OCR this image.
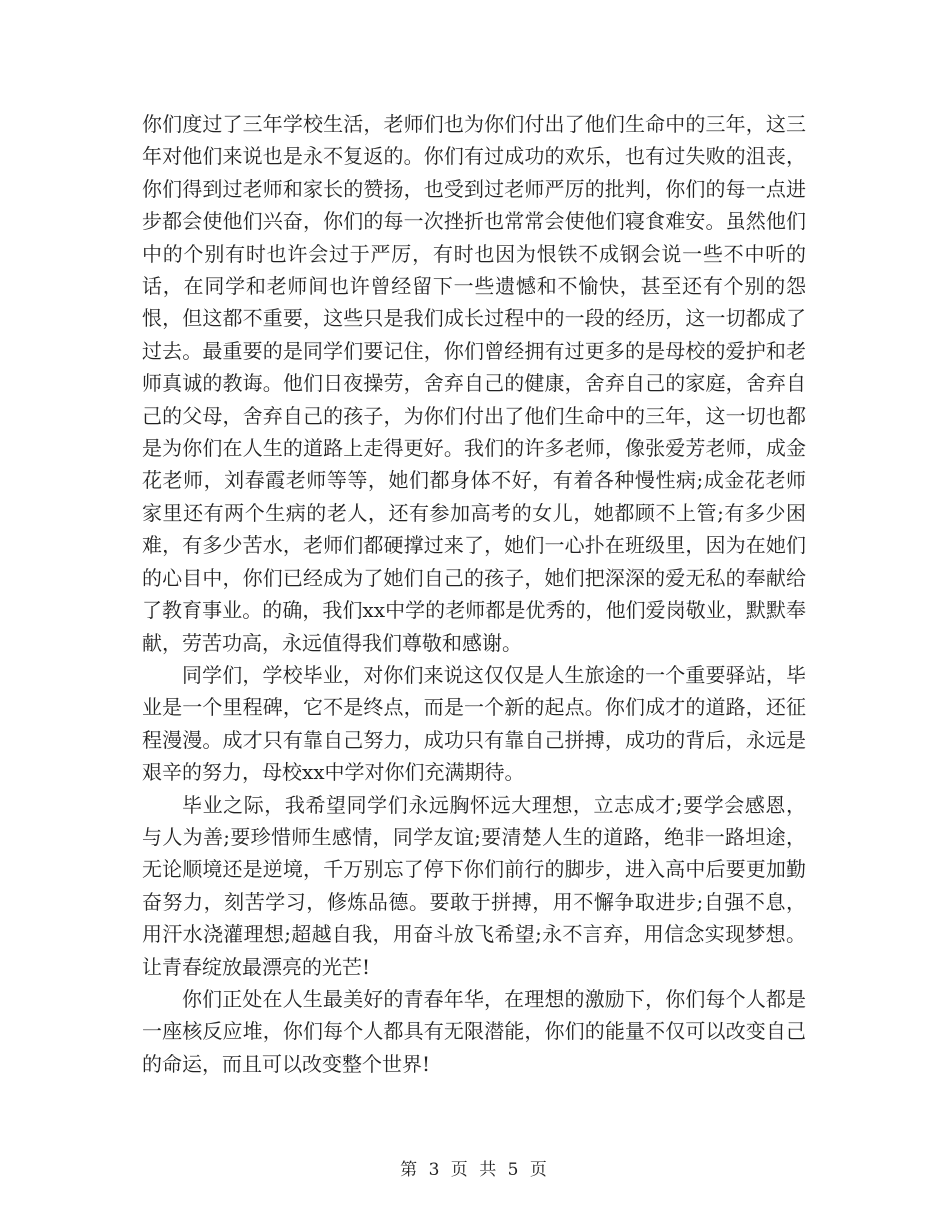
你们度过了三年学校生活，老师们也为你们付出了他们生命中的三年，这三年对他们来说也是永不复返的。你们有过成功的欢乐，也有过失败的沮丧，你们得到过老师和家长的赞扬，也受到过老师严厉的批判，你们的每一点进步都会使他们兴奋，你们的每一次挫折也常常会使他们寝食难安。虽然他们中的个别有时也许会过于严厉，有时也因为恨铁不成钢会说一些不中听的话，在同学和老师间也许曾经留下一些遗憾和不愉快，甚至还有个别的怨恨，但这都不重要，这些只是我们成长过程中的一段的经历，这一切都成了过去。最重要的是同学们要记住，你们曾经拥有过更多的是母校的爱护和老师真诚的教诲。他们日夜操劳，舍弃自己的健康，舍弃自己的家庭，舍弃自己的父母，舍弃自己的孩子，为你们付出了他们生命中的三年，这一切也都是为你们在人生的道路上走得更好。我们的许多老师，像张爱芳老师，成金花老师，刘春霞老师等等，她们都身体不好，有着各种慢性病;成金花老师家里还有两个生病的老人，还有参加高考的女儿，她都顾不上管;有多少困难，有多少苦水，老师们都硬撑过来了，她们一心扑在班级里，因为在她们的心目中，你们已经成为了她们自己的孩子，她们把深深的爱无私的奉献给了教育事业。的确，我们xx中学的老师都是优秀的，他们爱岗敬业，默默奉献，劳苦功高，永远值得我们尊敬和感谢。

同学们，学校毕业，对你们来说这仅仅是人生旅途的一个重要驿站，毕业是一个里程碑，它不是终点，而是一个新的起点。你们成才的道路，还征程漫漫。成才只有靠自己努力，成功只有靠自己拼搏，成功的背后，永远是艰辛的努力，母校xx中学对你们充满期待。

毕业之际，我希望同学们永远胸怀远大理想，立志成才;要学会感恩，与人为善;要珍惜师生感情，同学友谊;要清楚人生的道路，绝非一路坦途，无论顺境还是逆境，千万别忘了停下你们前行的脚步，进入高中后要更加勤奋努力，刻苦学习，修炼品德。要敢于拼搏，用不懈争取进步;自强不息，用汗水浇灌理想;超越自我，用奋斗放飞希望;永不言弃，用信念实现梦想。让青春绽放最漂亮的光芒!

你们正处在人生最美好的青春年华，在理想的激励下，你们每个人都是一座核反应堆，你们每个人都具有无限潜能，你们的能量不仅可以改变自己的命运，而且可以改变整个世界!

第 3 页 共 5 页
